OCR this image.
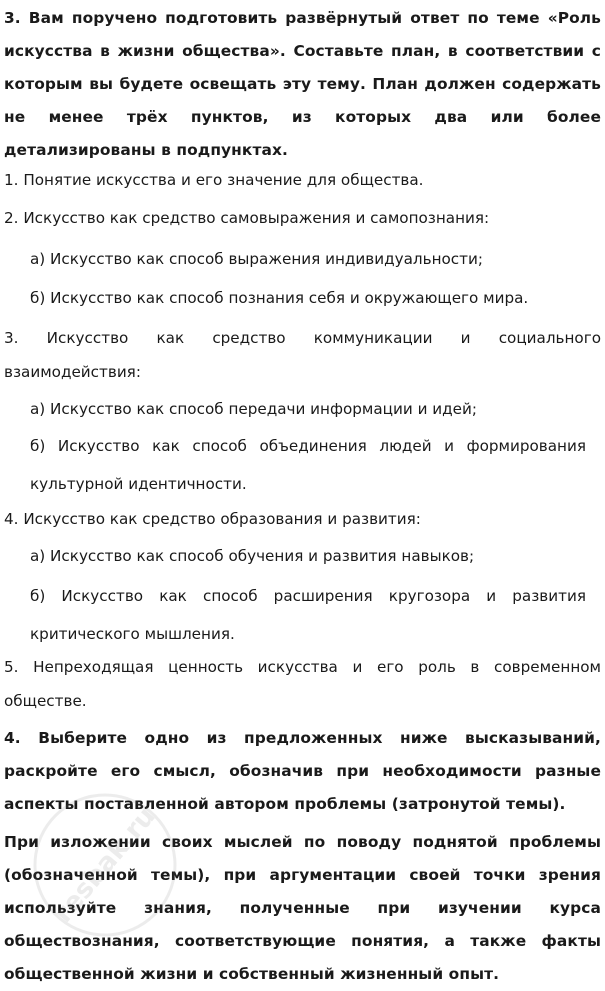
3. Вам поручено подготовить развёрнутый ответ по теме «Роль искусства в жизни общества». Составьте план, в соответствии с которым вы будете освещать эту тему. План должен содержать не менее трёх пунктов, из которых два или более детализированы в подпунктах.

1. Понятие искусства и его значение для общества.

2. Искусство как средство самовыражения и самопознания:

а) Искусство как способ выражения индивидуальности;

б) Искусство как способ познания себя и окружающего мира.

3. Искусство как средство коммуникации и социального взаимодействия:

а) Искусство как способ передачи информации и идей;

б) Искусство как способ объединения людей и формирования культурной идентичности.

4. Искусство как средство образования и развития:

а) Искусство как способ обучения и развития навыков;

б) Искусство как способ расширения кругозора и развития критического мышления.

5. Непреходящая ценность искусства и его роль в современном обществе.

4. Выберите одно из предложенных ниже высказываний, раскройте его смысл, обозначив при необходимости разные аспекты поставленной автором проблемы (затронутой темы).

При изложении своих мыслей по поводу поднятой проблемы (обозначенной темы), при аргументации своей точки зрения используйте знания, полученные при изучении курса обществознания, соответствующие понятия, а также факты общественной жизни и собственный жизненный опыт.

resbak.ru
